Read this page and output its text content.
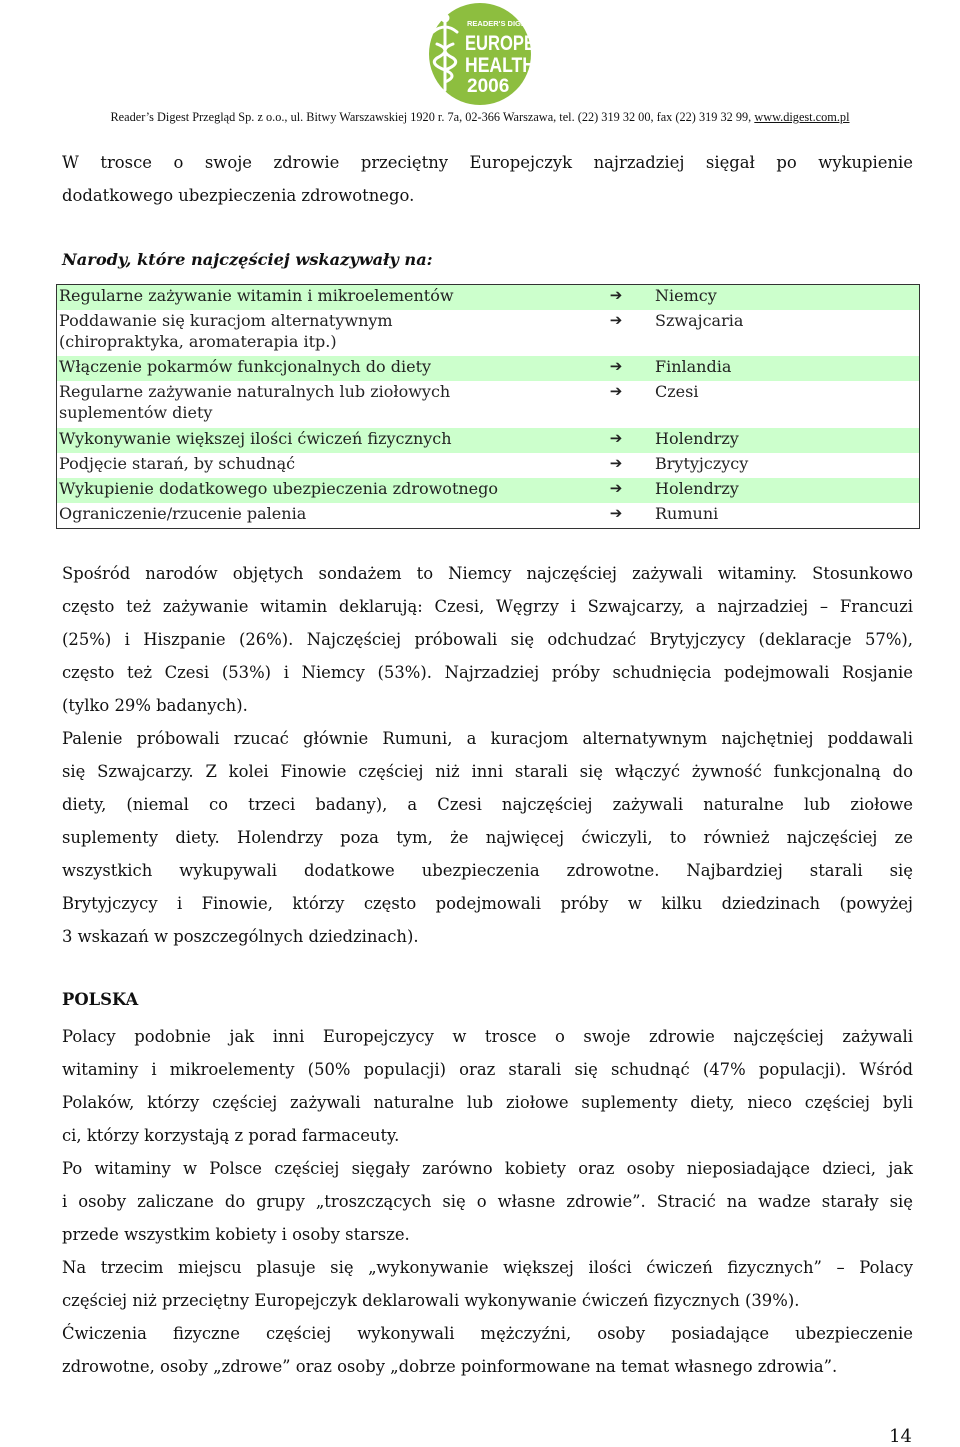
READER'S DIGEST
EUROPE
HEALTH
2006
Reader’s Digest Przegląd Sp. z o.o., ul. Bitwy Warszawskiej 1920 r. 7a, 02-366 Warszawa, tel. (22) 319 32 00, fax (22) 319 32 99, www.digest.com.pl
W trosce o swoje zdrowie przeciętny Europejczyk najrzadziej sięgał po wykupienie
dodatkowego ubezpieczenia zdrowotnego.

Narody, które najczęściej wskazywały na:

Regularne zażywanie witamin i mikroelementów	➔	Niemcy
Poddawanie się kuracjom alternatywnym
(chiropraktyka, aromaterapia itp.)	➔	Szwajcaria
Włączenie pokarmów funkcjonalnych do diety	➔	Finlandia
Regularne zażywanie naturalnych lub ziołowych
suplementów diety	➔	Czesi
Wykonywanie większej ilości ćwiczeń fizycznych	➔	Holendrzy
Podjęcie starań, by schudnąć	➔	Brytyjczycy
Wykupienie dodatkowego ubezpieczenia zdrowotnego	➔	Holendrzy
Ograniczenie/rzucenie palenia	➔	Rumuni
Spośród narodów objętych sondażem to Niemcy najczęściej zażywali witaminy. Stosunkowo
często też zażywanie witamin deklarują: Czesi, Węgrzy i Szwajcarzy, a najrzadziej – Francuzi
(25%) i Hiszpanie (26%). Najczęściej próbowali się odchudzać Brytyjczycy (deklaracje 57%),
często też Czesi (53%) i Niemcy (53%). Najrzadziej próby schudnięcia podejmowali Rosjanie
(tylko 29% badanych).
Palenie próbowali rzucać głównie Rumuni, a kuracjom alternatywnym najchętniej poddawali
się Szwajcarzy. Z kolei Finowie częściej niż inni starali się włączyć żywność funkcjonalną do
diety, (niemal co trzeci badany), a Czesi najczęściej zażywali naturalne lub ziołowe
suplementy diety. Holendrzy poza tym, że najwięcej ćwiczyli, to również najczęściej ze
wszystkich wykupywali dodatkowe ubezpieczenia zdrowotne. Najbardziej starali się
Brytyjczycy i Finowie, którzy często podejmowali próby w kilku dziedzinach (powyżej
3 wskazań w poszczególnych dziedzinach).

POLSKA

Polacy podobnie jak inni Europejczycy w trosce o swoje zdrowie najczęściej zażywali
witaminy i mikroelementy (50% populacji) oraz starali się schudnąć (47% populacji). Wśród
Polaków, którzy częściej zażywali naturalne lub ziołowe suplementy diety, nieco częściej byli
ci, którzy korzystają z porad farmaceuty.
Po witaminy w Polsce częściej sięgały zarówno kobiety oraz osoby nieposiadające dzieci, jak
i osoby zaliczane do grupy „troszczących się o własne zdrowie”. Stracić na wadze starały się
przede wszystkim kobiety i osoby starsze.
Na trzecim miejscu plasuje się „wykonywanie większej ilości ćwiczeń fizycznych” – Polacy
częściej niż przeciętny Europejczyk deklarowali wykonywanie ćwiczeń fizycznych (39%).
Ćwiczenia fizyczne częściej wykonywali mężczyźni, osoby posiadające ubezpieczenie
zdrowotne, osoby „zdrowe” oraz osoby „dobrze poinformowane na temat własnego zdrowia”.
14
